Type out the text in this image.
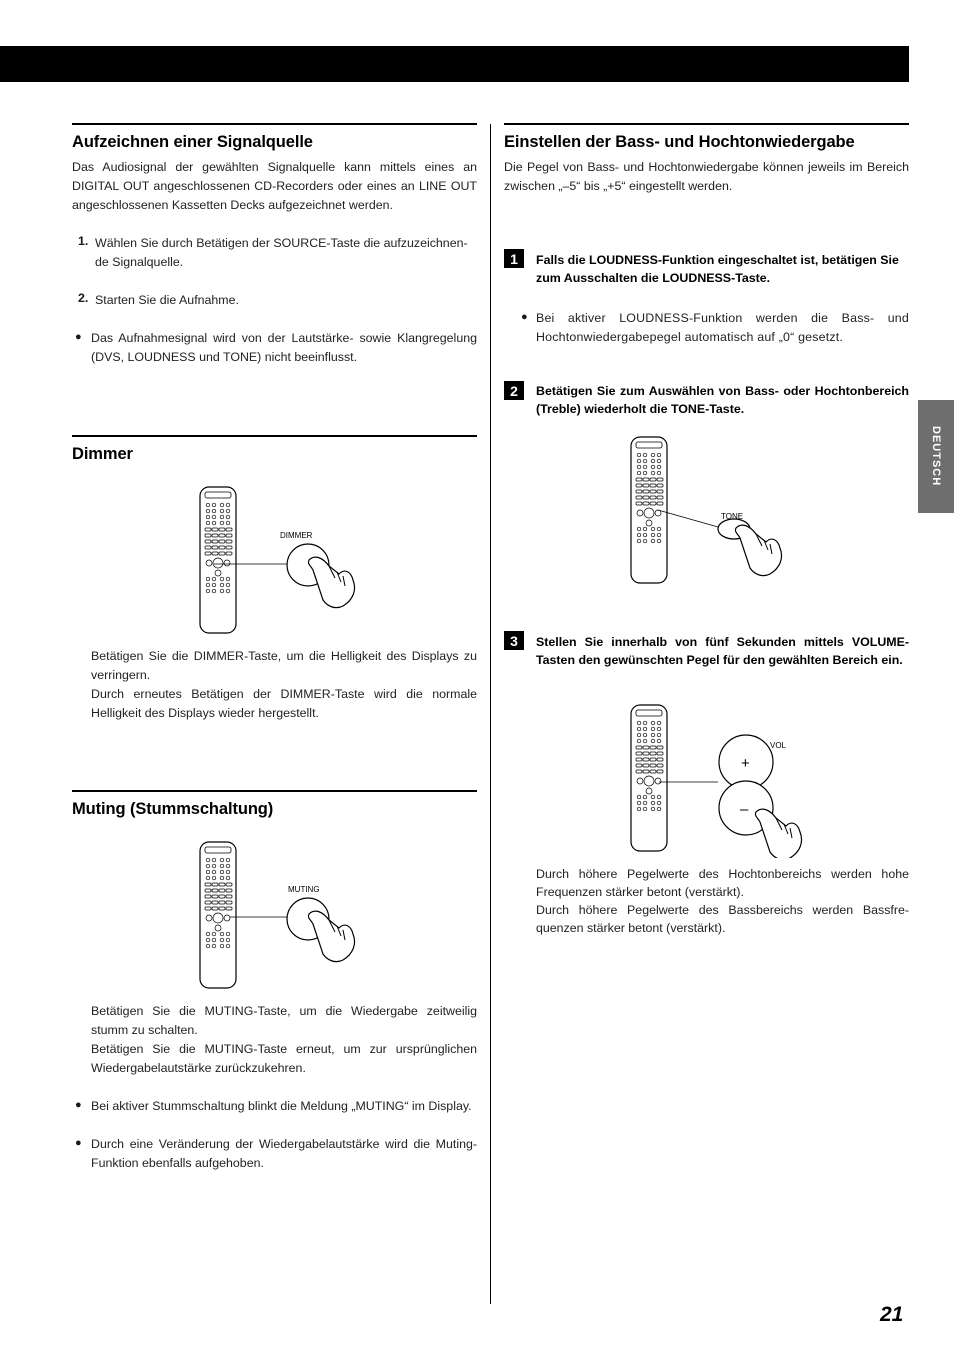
DEUTSCH
21
Aufzeichnen einer Signalquelle
Das Audiosignal der gewählten Signalquelle kann mittels eines an DIGITAL OUT angeschlossenen CD-Recorders oder eines an LINE OUT angeschlossenen Kassetten Decks aufgezeichnet werden.
1. Wählen Sie durch Betätigen der SOURCE-Taste die aufzuzeichnende Signalquelle.
2. Starten Sie die Aufnahme.
● Das Aufnahmesignal wird von der Lautstärke- sowie Klangregelung (DVS, LOUDNESS und TONE) nicht beeinflusst.
Dimmer
DIMMER
Betätigen Sie die DIMMER-Taste, um die Helligkeit des Displays zu verringern.
Durch erneutes Betätigen der DIMMER-Taste wird die normale Helligkeit des Displays wieder hergestellt.
Muting (Stummschaltung)
MUTING
Betätigen Sie die MUTING-Taste, um die Wiedergabe zeitweilig stumm zu schalten.
Betätigen Sie die MUTING-Taste erneut, um zur ursprünglichen Wiedergabelautstärke zurückzukehren.
● Bei aktiver Stummschaltung blinkt die Meldung „MUTING“ im Display.
● Durch eine Veränderung der Wiedergabelautstärke wird die Muting-Funktion ebenfalls aufgehoben.
Einstellen der Bass- und Hochtonwiedergabe
Die Pegel von Bass- und Hochtonwiedergabe können jeweils im Bereich zwischen „–5“ bis „+5“ eingestellt werden.
1	Falls die LOUDNESS-Funktion eingeschaltet ist, betätigen Sie zum Ausschalten die LOUDNESS-Taste.
● Bei aktiver LOUDNESS-Funktion werden die Bass- und Hochtonwiedergabepegel automatisch auf „0“ gesetzt.
2	Betätigen Sie zum Auswählen von Bass- oder Hochtonbereich (Treble) wiederholt die TONE-Taste.
TONE
3	Stellen Sie innerhalb von fünf Sekunden mittels VOLUME-Tasten den gewünschten Pegel für den gewählten Bereich ein.
+
–
VOL
Durch höhere Pegelwerte des Hochtonbereichs werden hohe Frequenzen stärker betont (verstärkt).
Durch höhere Pegelwerte des Bassbereichs werden Bassfrequenzen stärker betont (verstärkt).
